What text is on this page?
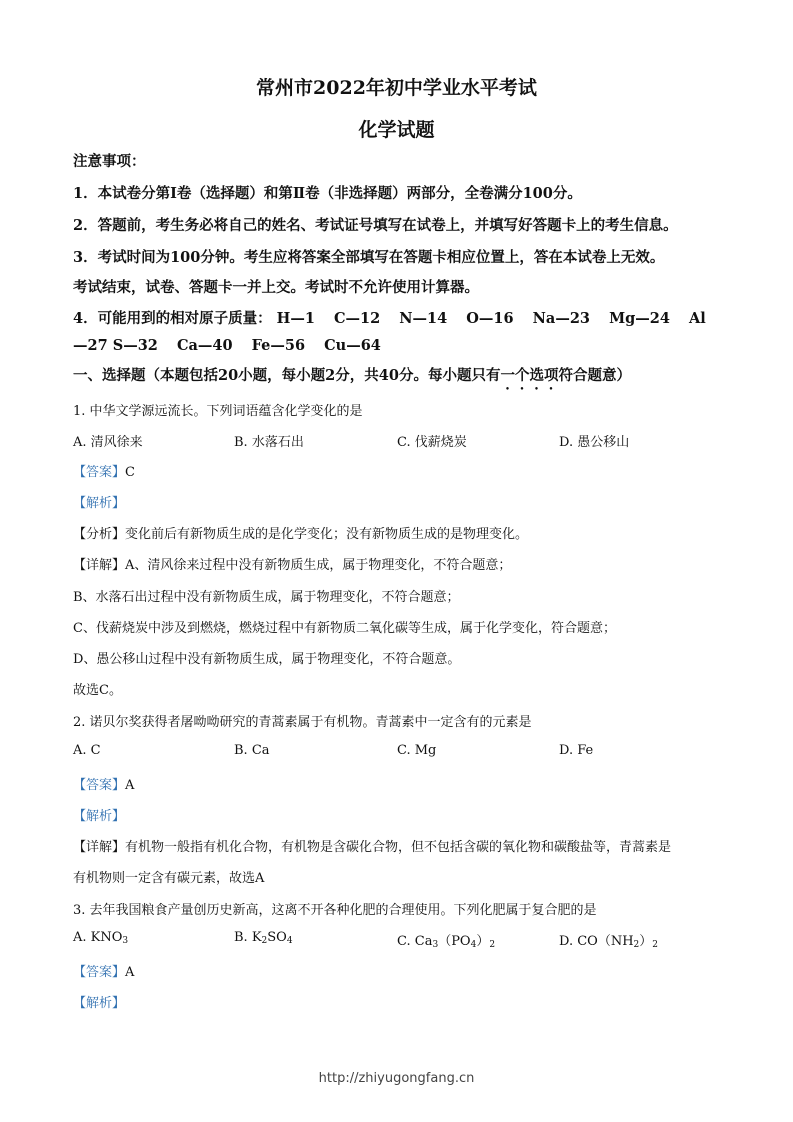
常州市2022年初中学业水平考试
化学试题
注意事项：
1．本试卷分第Ⅰ卷（选择题）和第Ⅱ卷（非选择题）两部分，全卷满分100分。
2．答题前，考生务必将自己的姓名、考试证号填写在试卷上，并填写好答题卡上的考生信息。
3．考试时间为100分钟。考生应将答案全部填写在答题卡相应位置上，答在本试卷上无效。
考试结束，试卷、答题卡一并上交。考试时不允许使用计算器。
4．可能用到的相对原子质量： H—1 C—12 N—14 O—16 Na—23 Mg—24 Al
—27 S—32 Ca—40 Fe—56 Cu—64
一、选择题（本题包括20小题，每小题2分，共40分。每小题只有一个选项符合题意）
1. 中华文学源远流长。下列词语蕴含化学变化的是
A. 清风徐来	B. 水落石出	C. 伐薪烧炭	D. 愚公移山
【答案】C
【解析】
【分析】变化前后有新物质生成的是化学变化；没有新物质生成的是物理变化。
【详解】A、清风徐来过程中没有新物质生成，属于物理变化，不符合题意；
B、水落石出过程中没有新物质生成，属于物理变化，不符合题意；
C、伐薪烧炭中涉及到燃烧，燃烧过程中有新物质二氧化碳等生成，属于化学变化，符合题意；
D、愚公移山过程中没有新物质生成，属于物理变化，不符合题意。
故选C。
2. 诺贝尔奖获得者屠呦呦研究的青蒿素属于有机物。青蒿素中一定含有的元素是
A. C	B. Ca	C. Mg	D. Fe
【答案】A
【解析】
【详解】有机物一般指有机化合物，有机物是含碳化合物，但不包括含碳的氧化物和碳酸盐等，青蒿素是
有机物则一定含有碳元素，故选A
3. 去年我国粮食产量创历史新高，这离不开各种化肥的合理使用。下列化肥属于复合肥的是
A. $KNO_3$	B. $K_2SO_4$	C. $Ca_3(PO_4)_2$	D. $CO(NH_2)_2$
【答案】A
【解析】
http://zhiyugongfang.cn
